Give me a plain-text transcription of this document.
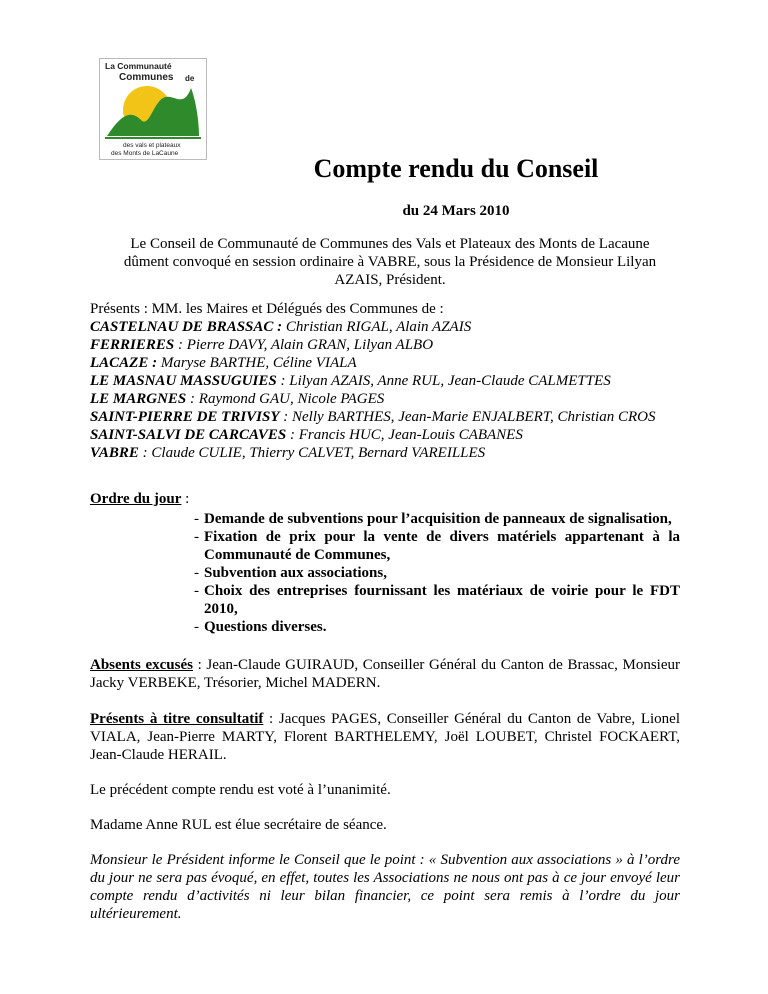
La Communauté
de
Communes
des vals et plateaux
des Monts de LaCaune
Compte rendu du Conseil
du 24 Mars 2010
Le Conseil de Communauté de Communes des Vals et Plateaux des Monts de Lacaune dûment convoqué en session ordinaire à VABRE, sous la Présidence de Monsieur Lilyan AZAIS, Président.
Présents : MM. les Maires et Délégués des Communes de :
CASTELNAU DE BRASSAC : Christian RIGAL, Alain AZAIS
FERRIERES : Pierre DAVY, Alain GRAN, Lilyan ALBO
LACAZE : Maryse BARTHE, Céline VIALA
LE MASNAU MASSUGUIES : Lilyan AZAIS, Anne RUL, Jean-Claude CALMETTES
LE MARGNES : Raymond GAU, Nicole PAGES
SAINT-PIERRE DE TRIVISY : Nelly BARTHES, Jean-Marie ENJALBERT, Christian CROS
SAINT-SALVI DE CARCAVES : Francis HUC, Jean-Louis CABANES
VABRE : Claude CULIE, Thierry CALVET, Bernard VAREILLES
Ordre du jour :
- Demande de subventions pour l’acquisition de panneaux de signalisation,
- Fixation de prix pour la vente de divers matériels appartenant à la Communauté de Communes,
- Subvention aux associations,
- Choix des entreprises fournissant les matériaux de voirie pour le FDT 2010,
- Questions diverses.
Absents excusés : Jean-Claude GUIRAUD, Conseiller Général du Canton de Brassac, Monsieur Jacky VERBEKE, Trésorier, Michel MADERN.
Présents à titre consultatif : Jacques PAGES, Conseiller Général du Canton de Vabre, Lionel VIALA, Jean-Pierre MARTY, Florent BARTHELEMY, Joël LOUBET, Christel FOCKAERT, Jean-Claude HERAIL.
Le précédent compte rendu est voté à l’unanimité.
Madame Anne RUL est élue secrétaire de séance.
Monsieur le Président informe le Conseil que le point : « Subvention aux associations » à l’ordre du jour ne sera pas évoqué, en effet, toutes les Associations ne nous ont pas à ce jour envoyé leur compte rendu d’activités ni leur bilan financier, ce point sera remis à l’ordre du jour ultérieurement.
